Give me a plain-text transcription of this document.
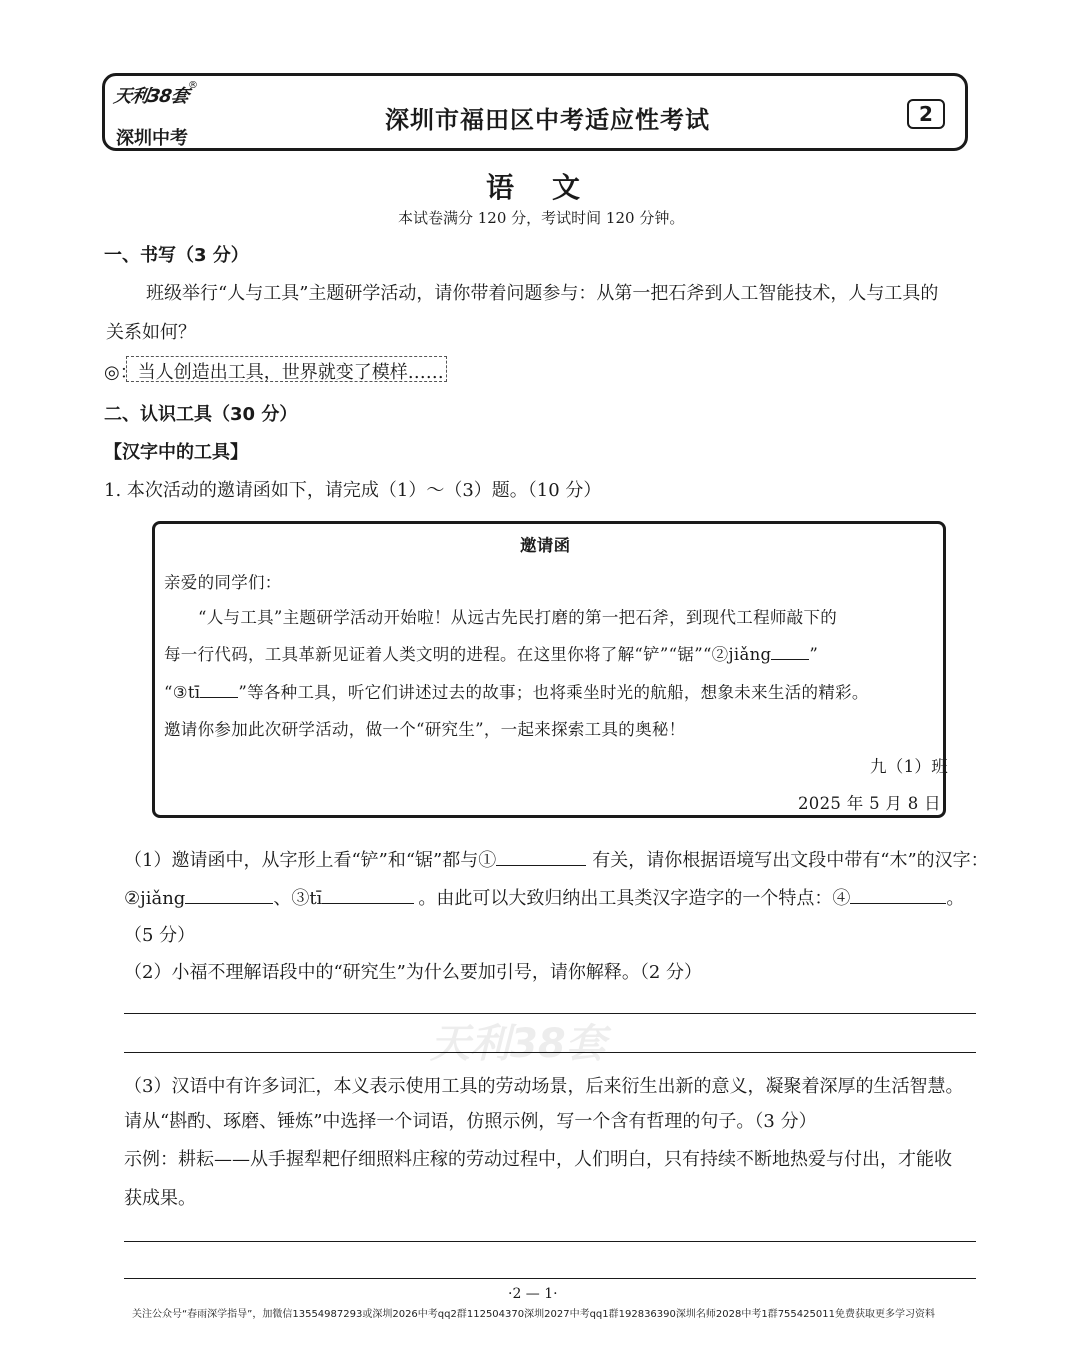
天利38套
®
深圳中考
深圳市福田区中考适应性考试	2
语文
本试卷满分 120 分，考试时间 120 分钟。
一、书写（3 分）
班级举行“人与工具”主题研学活动，请你带着问题参与：从第一把石斧到人工智能技术，人与工具的
关系如何？
◎：当人创造出工具，世界就变了模样……
二、认识工具（30 分）
【汉字中的工具】
1. 本次活动的邀请函如下，请完成（1）～（3）题。（10 分）
邀请函
亲爱的同学们：
“人与工具”主题研学活动开始啦！从远古先民打磨的第一把石斧，到现代工程师敲下的
每一行代码，工具革新见证着人类文明的进程。在这里你将了解“铲”“锯”“②jiǎng ”
“③tī ”等各种工具，听它们讲述过去的故事；也将乘坐时光的航船，想象未来生活的精彩。
邀请你参加此次研学活动，做一个“研究生”，一起来探索工具的奥秘！
九（1）班
2025 年 5 月 8 日
（1）邀请函中，从字形上看“铲”和“锯”都与①	有关，请你根据语境写出文段中带有“木”的汉字：
②jiǎng	、③tī	。由此可以大致归纳出工具类汉字造字的一个特点：④	。
（5 分）
（2）小福不理解语段中的“研究生”为什么要加引号，请你解释。（2 分）
天利38套
（3）汉语中有许多词汇，本义表示使用工具的劳动场景，后来衍生出新的意义，凝聚着深厚的生活智慧。
请从“斟酌、琢磨、锤炼”中选择一个词语，仿照示例，写一个含有哲理的句子。（3 分）
示例：耕耘——从手握犁耙仔细照料庄稼的劳动过程中，人们明白，只有持续不断地热爱与付出，才能收
获成果。
·2 — 1·
关注公众号“春雨深学指导”，加微信13554987293或深圳2026中考qq2群112504370深圳2027中考qq1群192836390深圳名师2028中考1群755425011免费获取更多学习资料
